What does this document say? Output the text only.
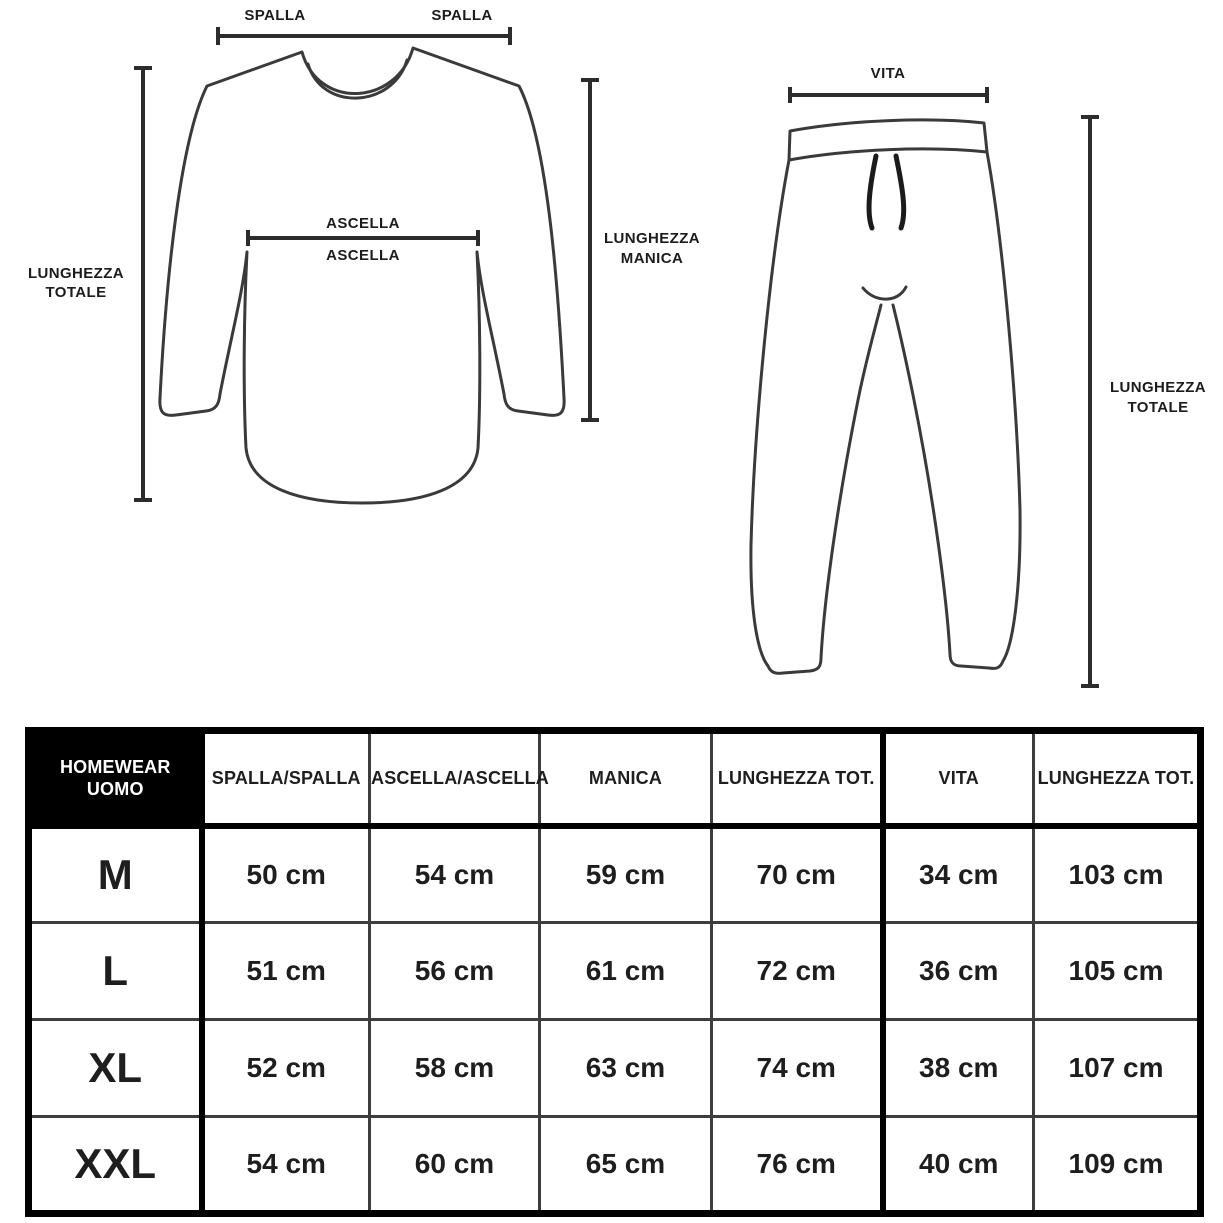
SPALLA	SPALLA
ASCELLA
ASCELLA
LUNGHEZZA
TOTALE
LUNGHEZZA
MANICA
VITA
LUNGHEZZA
TOTALE
HOMEWEAR
UOMO	SPALLA/SPALLA	ASCELLA/ASCELLA	MANICA	LUNGHEZZA TOT.	VITA	LUNGHEZZA TOT.
M	50 cm	54 cm	59 cm	70 cm	34 cm	103 cm
L	51 cm	56 cm	61 cm	72 cm	36 cm	105 cm
XL	52 cm	58 cm	63 cm	74 cm	38 cm	107 cm
XXL	54 cm	60 cm	65 cm	76 cm	40 cm	109 cm
